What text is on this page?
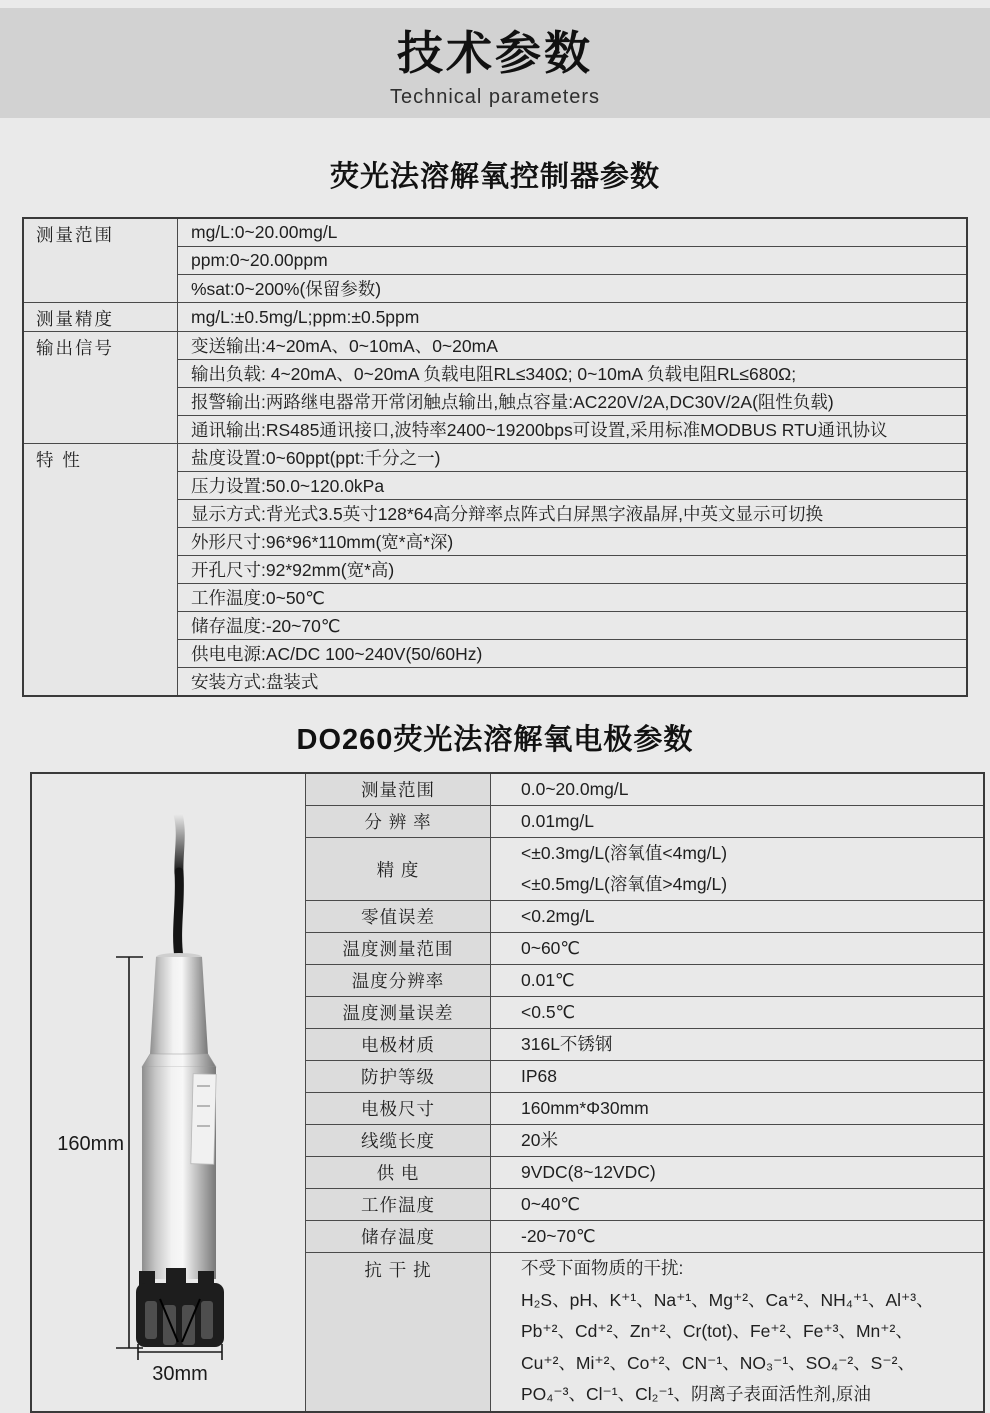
技术参数
Technical parameters
荧光法溶解氧控制器参数
测量范围	mg/L:0~20.00mg/L
	ppm:0~20.00ppm
	%sat:0~200%(保留参数)
测量精度	mg/L:±0.5mg/L;ppm:±0.5ppm
输出信号	变送输出:4~20mA、0~10mA、0~20mA
	输出负载: 4~20mA、0~20mA 负载电阻RL≤340Ω; 0~10mA 负载电阻RL≤680Ω;
	报警输出:两路继电器常开常闭触点输出,触点容量:AC220V/2A,DC30V/2A(阻性负载)
	通讯输出:RS485通讯接口,波特率2400~19200bps可设置,采用标准MODBUS RTU通讯协议
特 性	盐度设置:0~60ppt(ppt:千分之一)
	压力设置:50.0~120.0kPa
	显示方式:背光式3.5英寸128*64高分辩率点阵式白屏黑字液晶屏,中英文显示可切换
	外形尺寸:96*96*110mm(宽*高*深)
	开孔尺寸:92*92mm(宽*高)
	工作温度:0~50℃
	储存温度:-20~70℃
	供电电源:AC/DC 100~240V(50/60Hz)
	安装方式:盘装式
DO260荧光法溶解氧电极参数
160mm
30mm	测量范围	0.0~20.0mg/L

	分 辨 率	0.01mg/L

	精 度	<±0.3mg/L(溶氧值<4mg/L)
<±0.5mg/L(溶氧值>4mg/L)

	零值误差	<0.2mg/L

	温度测量范围	0~60℃

	温度分辨率	0.01℃

	温度测量误差	<0.5℃

	电极材质	316L不锈钢

	防护等级	IP68

	电极尺寸	160mm*Φ30mm

	线缆长度	20米

	供 电	9VDC(8~12VDC)

	工作温度	0~40℃

	储存温度	-20~70℃

	抗 干 扰	不受下面物质的干扰:
H₂S、pH、K⁺¹、Na⁺¹、Mg⁺²、Ca⁺²、NH₄⁺¹、Al⁺³、
Pb⁺²、Cd⁺²、Zn⁺²、Cr(tot)、Fe⁺²、Fe⁺³、Mn⁺²、
Cu⁺²、Mi⁺²、Co⁺²、CN⁻¹、NO₃⁻¹、SO₄⁻²、S⁻²、
PO₄⁻³、Cl⁻¹、Cl₂⁻¹、阴离子表面活性剂,原油
